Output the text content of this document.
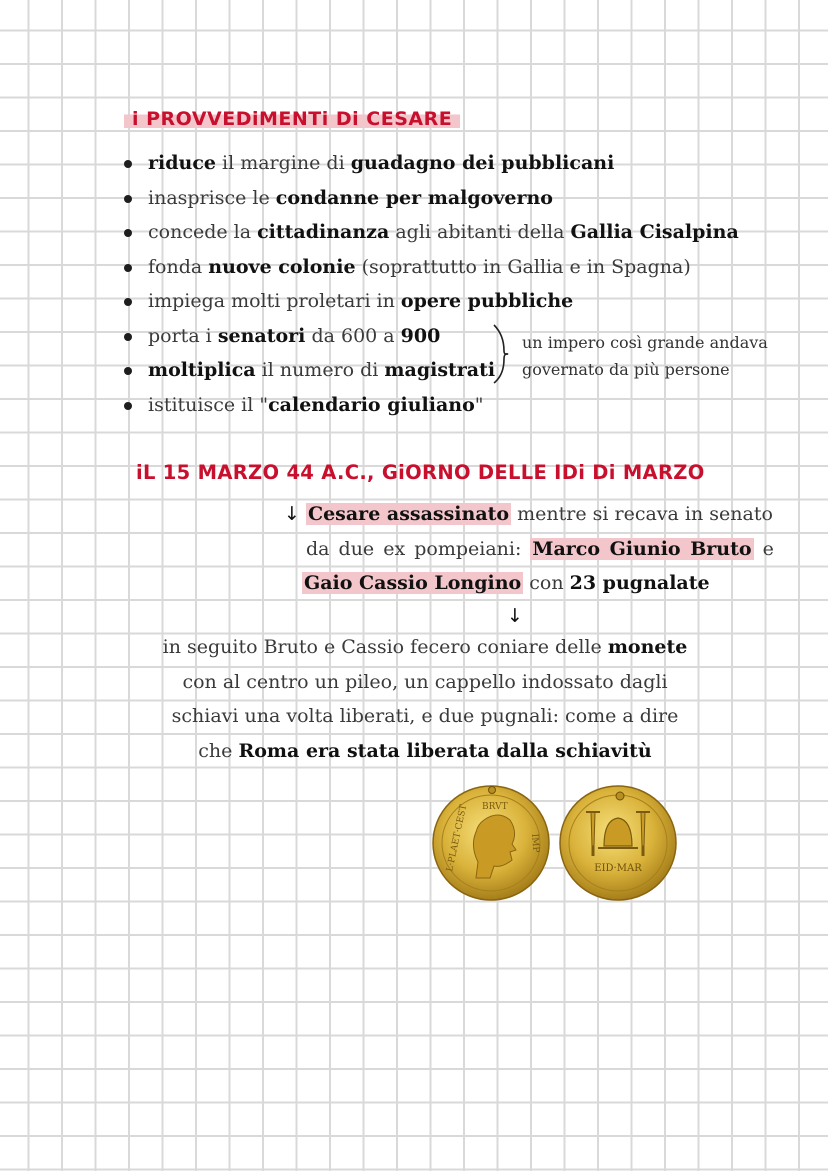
i PROVVEDiMENTi Di CESARE
riduce il margine di guadagno dei pubblicani
inasprisce le condanne per malgoverno
concede la cittadinanza agli abitanti della Gallia Cisalpina
fonda nuove colonie (soprattutto in Gallia e in Spagna)
impiega molti proletari in opere pubbliche
porta i senatori da 600 a 900
moltiplica il numero di magistrati
istituisce il "calendario giuliano"
un impero così grande andava
governato da più persone
iL 15 MARZO 44 A.C., GiORNO DELLE IDi Di MARZO
↓ Cesare assassinato mentre si recava in senato
da due ex pompeiani: Marco Giunio Bruto e
Gaio Cassio Longino con 23 pugnalate
↓
in seguito Bruto e Cassio fecero coniare delle monete
con al centro un pileo, un cappello indossato dagli
schiavi una volta liberati, e due pugnali: come a dire
che Roma era stata liberata dalla schiavitù
BRVT
L·PLAET·CEST	IMP
EID·MAR
